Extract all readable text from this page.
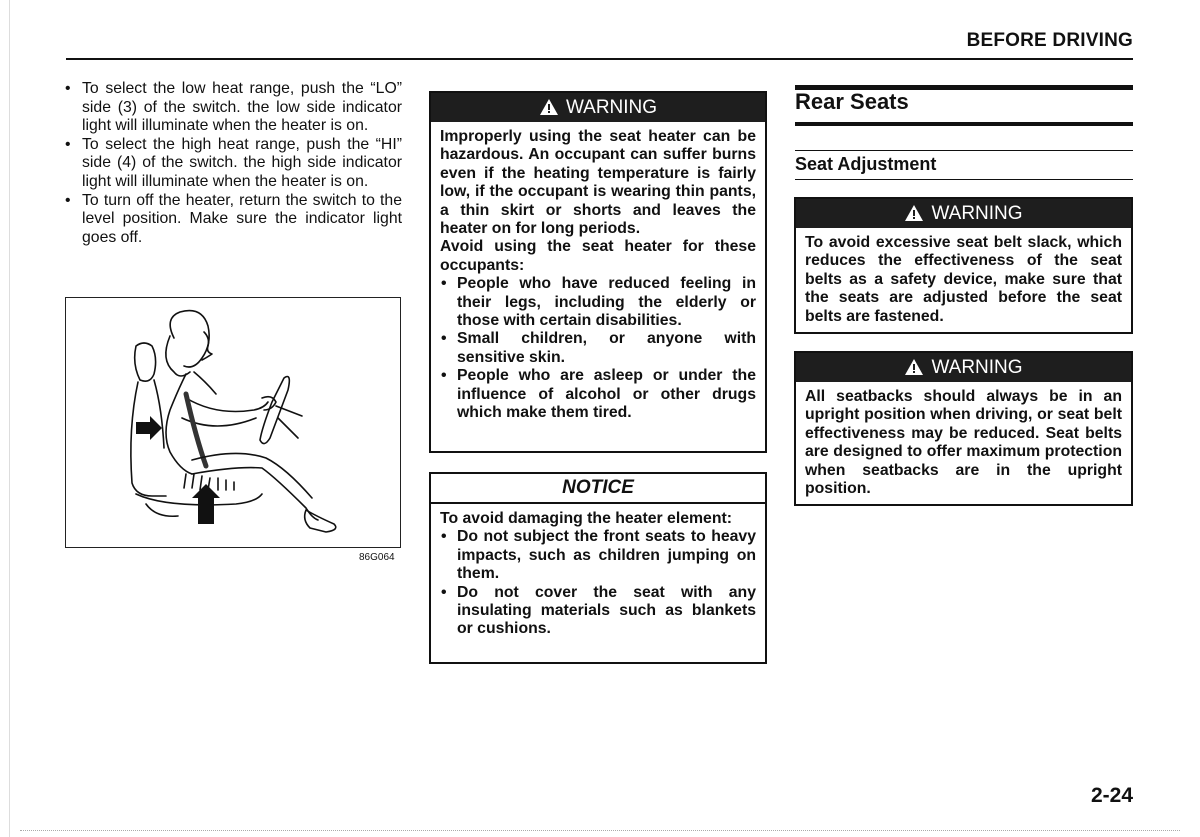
BEFORE DRIVING
• To select the low heat range, push the “LO” side (3) of the switch. the low side indicator light will illuminate when the heater is on.
• To select the high heat range, push the “HI” side (4) of the switch. the high side indicator light will illuminate when the heater is on.
• To turn off the heater, return the switch to the level position. Make sure the indicator light goes off.
86G064
WARNING

Improperly using the seat heater can be hazardous. An occupant can suffer burns even if the heating temperature is fairly low, if the occupant is wearing thin pants, a thin skirt or shorts and leaves the heater on for long periods.

Avoid using the seat heater for these occupants:

• People who have reduced feeling in their legs, including the elderly or those with certain disabilities.
• Small children, or anyone with sensitive skin.
• People who are asleep or under the influence of alcohol or other drugs which make them tired.
NOTICE

To avoid damaging the heater element:

• Do not subject the front seats to heavy impacts, such as children jumping on them.
• Do not cover the seat with any insulating materials such as blankets or cushions.
Rear Seats
Seat Adjustment
WARNING

To avoid excessive seat belt slack, which reduces the effectiveness of the seat belts as a safety device, make sure that the seats are adjusted before the seat belts are fastened.

WARNING

All seatbacks should always be in an upright position when driving, or seat belt effectiveness may be reduced. Seat belts are designed to offer maximum protection when seatbacks are in the upright position.

2-24
